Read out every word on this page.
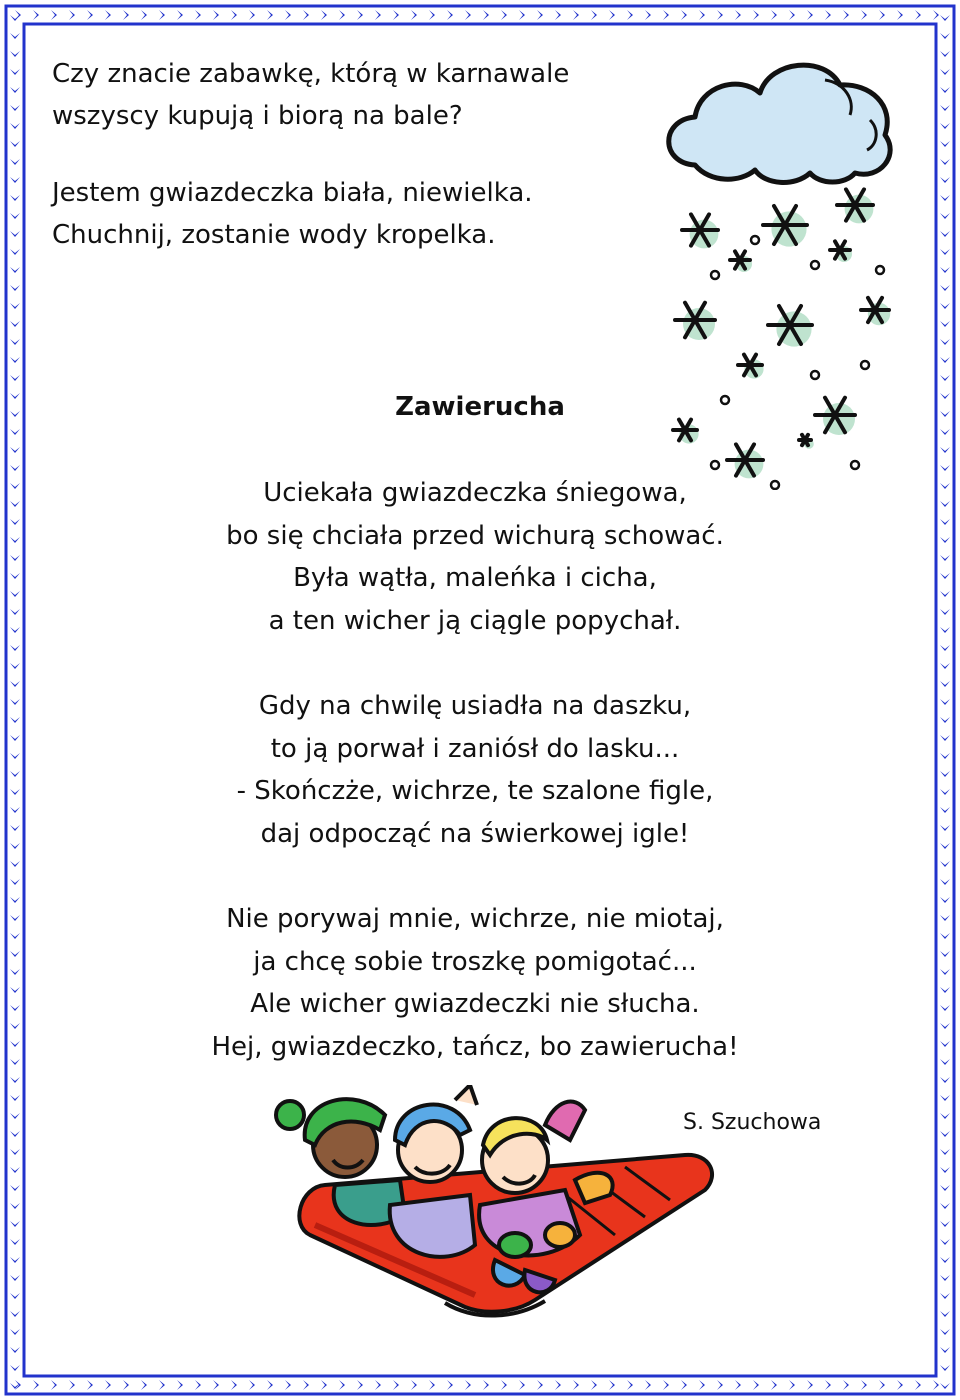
Czy znacie zabawkę, którą w karnawale
wszyscy kupują i biorą na bale?

Jestem gwiazdeczka biała, niewielka.
Chuchnij, zostanie wody kropelka.

Zawierucha

Uciekała gwiazdeczka śniegowa,
bo się chciała przed wichurą schować.
Była wątła, maleńka i cicha,
a ten wicher ją ciągle popychał.

Gdy na chwilę usiadła na daszku,
to ją porwał i zaniósł do lasku...
- Skończże, wichrze, te szalone figle,
daj odpocząć na świerkowej igle!

Nie porywaj mnie, wichrze, nie miotaj,
ja chcę sobie troszkę pomigotać...
Ale wicher gwiazdeczki nie słucha.
Hej, gwiazdeczko, tańcz, bo zawierucha!

S. Szuchowa
